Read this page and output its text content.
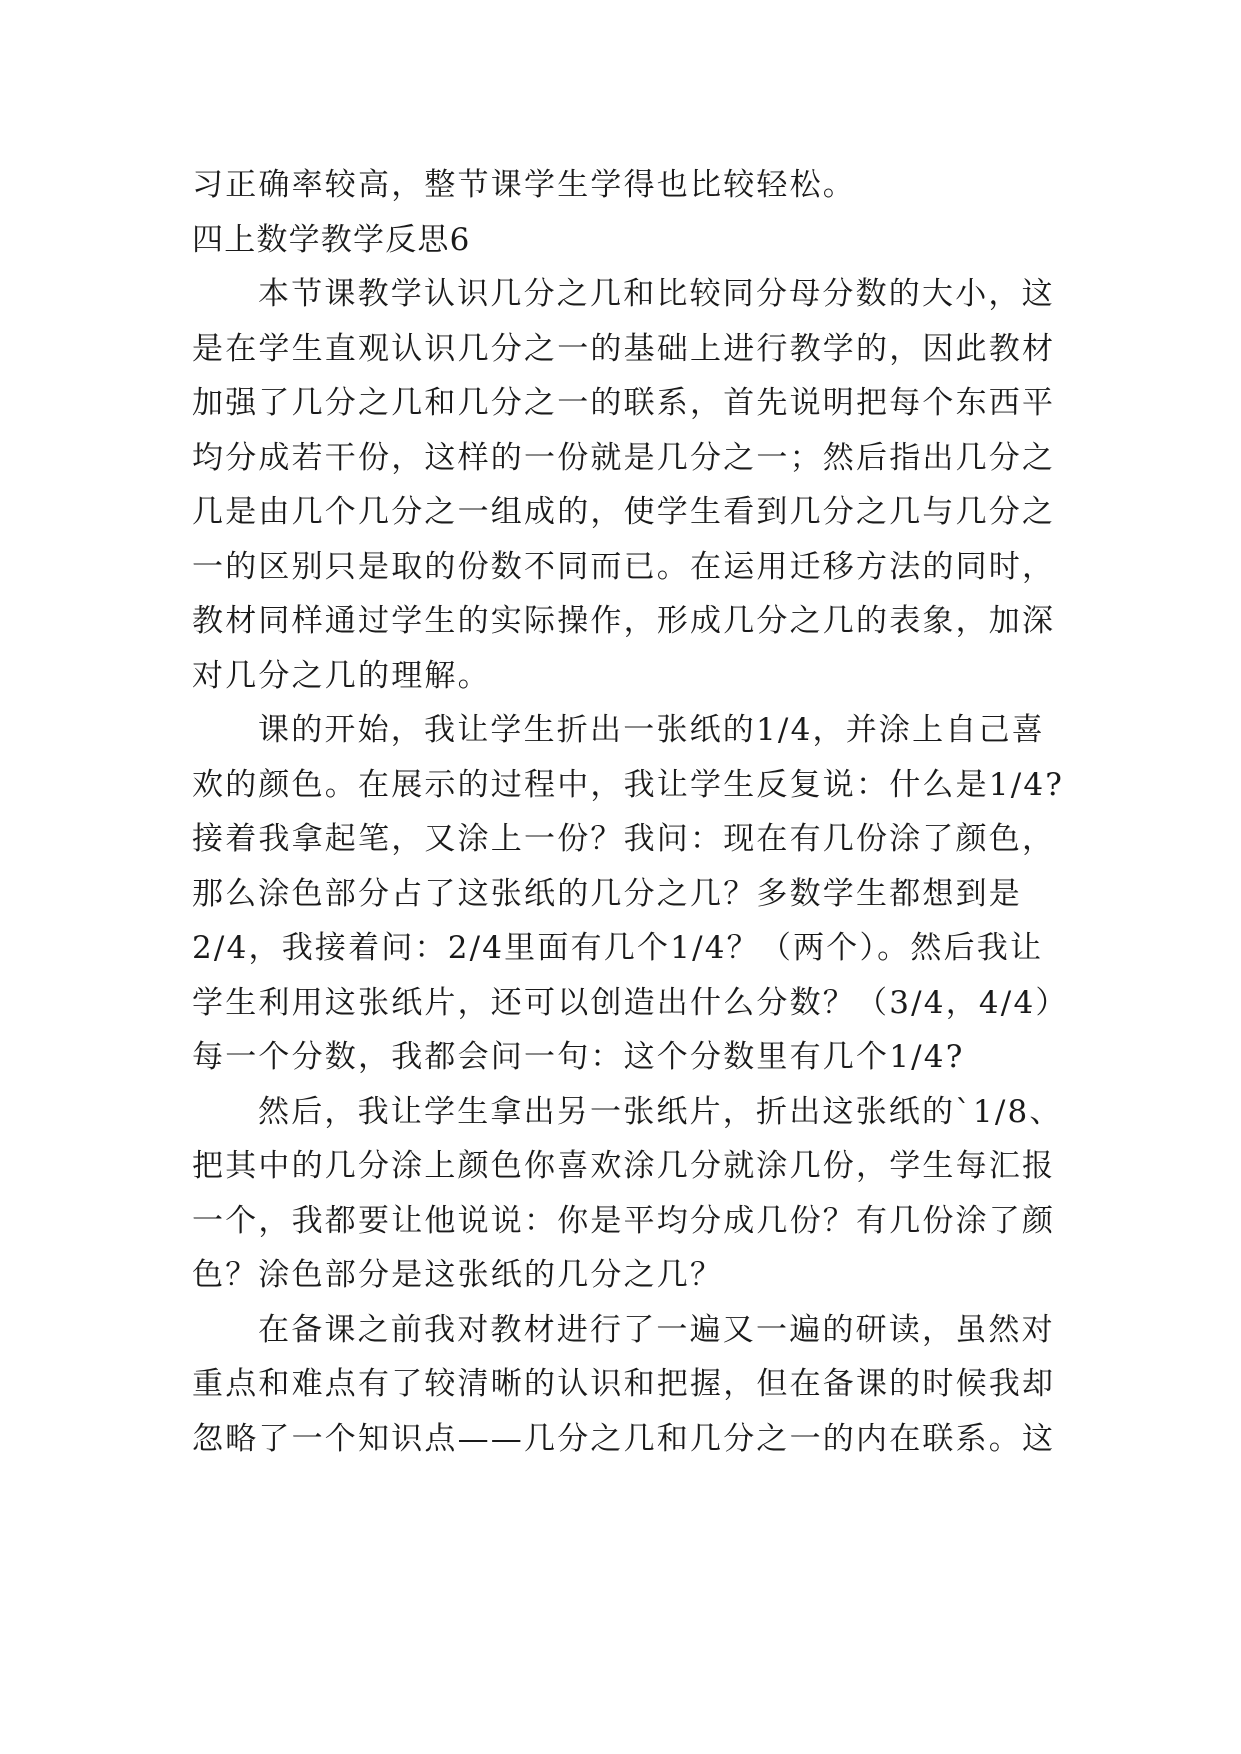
习正确率较高，整节课学生学得也比较轻松。
四上数学教学反思6
本节课教学认识几分之几和比较同分母分数的大小，这
是在学生直观认识几分之一的基础上进行教学的，因此教材
加强了几分之几和几分之一的联系，首先说明把每个东西平
均分成若干份，这样的一份就是几分之一；然后指出几分之
几是由几个几分之一组成的，使学生看到几分之几与几分之
一的区别只是取的份数不同而已。在运用迁移方法的同时，
教材同样通过学生的实际操作，形成几分之几的表象，加深
对几分之几的理解。
课的开始，我让学生折出一张纸的1/4，并涂上自己喜
欢的颜色。在展示的过程中，我让学生反复说：什么是1/4?
接着我拿起笔，又涂上一份？我问：现在有几份涂了颜色，
那么涂色部分占了这张纸的几分之几？多数学生都想到是
2/4，我接着问：2/4里面有几个1/4？（两个）。然后我让
学生利用这张纸片，还可以创造出什么分数？（3/4，4/4）
每一个分数，我都会问一句：这个分数里有几个1/4?
然后，我让学生拿出另一张纸片，折出这张纸的`1/8、
把其中的几分涂上颜色你喜欢涂几分就涂几份，学生每汇报
一个，我都要让他说说：你是平均分成几份？有几份涂了颜
色？涂色部分是这张纸的几分之几？
在备课之前我对教材进行了一遍又一遍的研读，虽然对
重点和难点有了较清晰的认识和把握，但在备课的时候我却
忽略了一个知识点——几分之几和几分之一的内在联系。这
